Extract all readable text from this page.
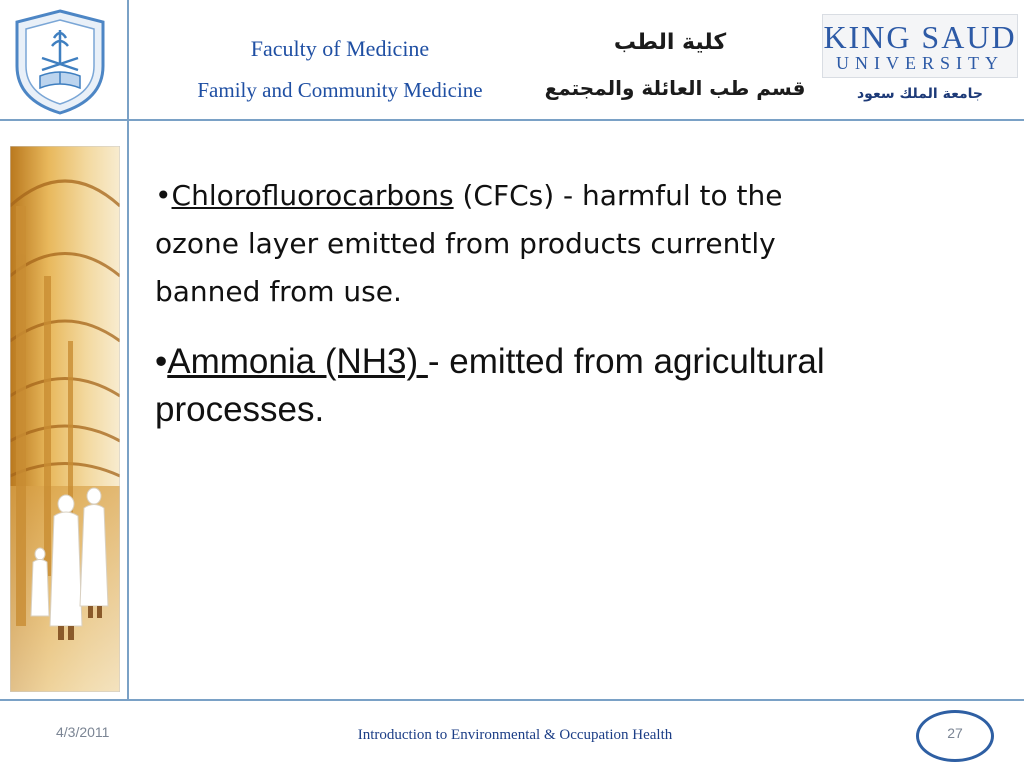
Faculty of Medicine
Family and Community Medicine
كلية الطب
قسم طب العائلة والمجتمع
KING SAUD
UNIVERSITY
جامعة الملك سعود

•Chlorofluorocarbons (CFCs) - harmful to the ozone layer emitted from products currently banned from use.

•Ammonia (NH3) - emitted from agricultural processes.

4/3/2011	Introduction to Environmental & Occupation Health	27
